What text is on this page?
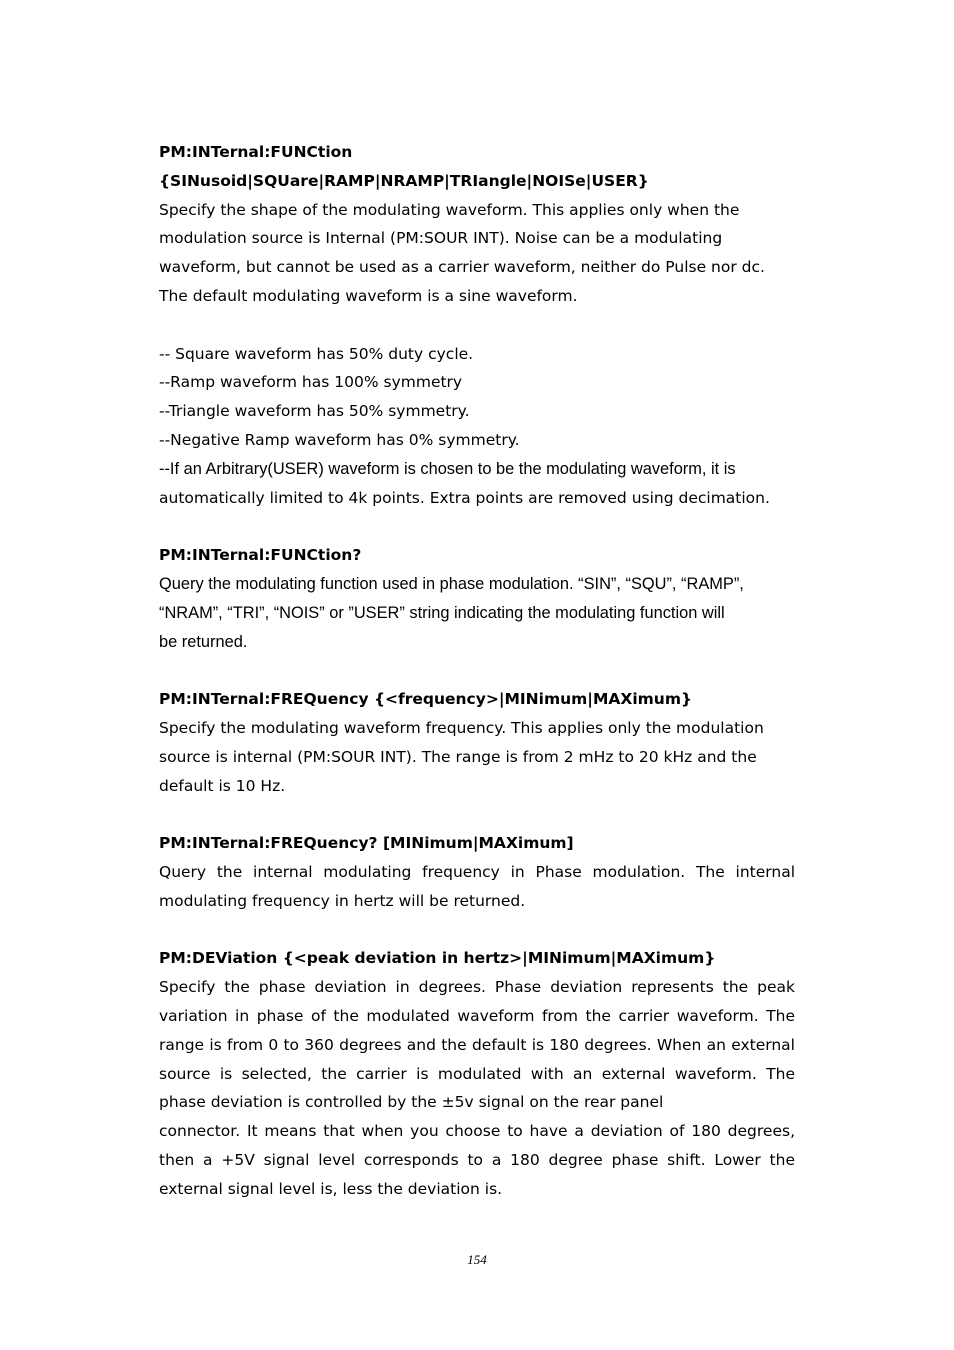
PM:INTernal:FUNCtion
{SINusoid|SQUare|RAMP|NRAMP|TRIangle|NOISe|USER}
Specify the shape of the modulating waveform. This applies only when the
modulation source is Internal (PM:SOUR INT). Noise can be a modulating
waveform, but cannot be used as a carrier waveform, neither do Pulse nor dc.
The default modulating waveform is a sine waveform.
-- Square waveform has 50% duty cycle.
--Ramp waveform has 100% symmetry
--Triangle waveform has 50% symmetry.
--Negative Ramp waveform has 0% symmetry.
--If an Arbitrary(USER) waveform is chosen to be the modulating waveform, it is
automatically limited to 4k points. Extra points are removed using decimation.
PM:INTernal:FUNCtion?
Query the modulating function used in phase modulation. “SIN”, “SQU”, “RAMP”,
“NRAM”, “TRI”, “NOIS” or ”USER” string indicating the modulating function will
be returned.
PM:INTernal:FREQuency {<frequency>|MINimum|MAXimum}
Specify the modulating waveform frequency. This applies only the modulation
source is internal (PM:SOUR INT). The range is from 2 mHz to 20 kHz and the
default is 10 Hz.
PM:INTernal:FREQuency? [MINimum|MAXimum]
Query the internal modulating frequency in Phase modulation. The internal
modulating frequency in hertz will be returned.
PM:DEViation {<peak deviation in hertz>|MINimum|MAXimum}
Specify the phase deviation in degrees. Phase deviation represents the peak
variation in phase of the modulated waveform from the carrier waveform. The
range is from 0 to 360 degrees and the default is 180 degrees. When an external
source is selected, the carrier is modulated with an external waveform. The
phase deviation is controlled by the ±5v signal on the rear panel
connector. It means that when you choose to have a deviation of 180 degrees,
then a +5V signal level corresponds to a 180 degree phase shift. Lower the
external signal level is, less the deviation is.
154
